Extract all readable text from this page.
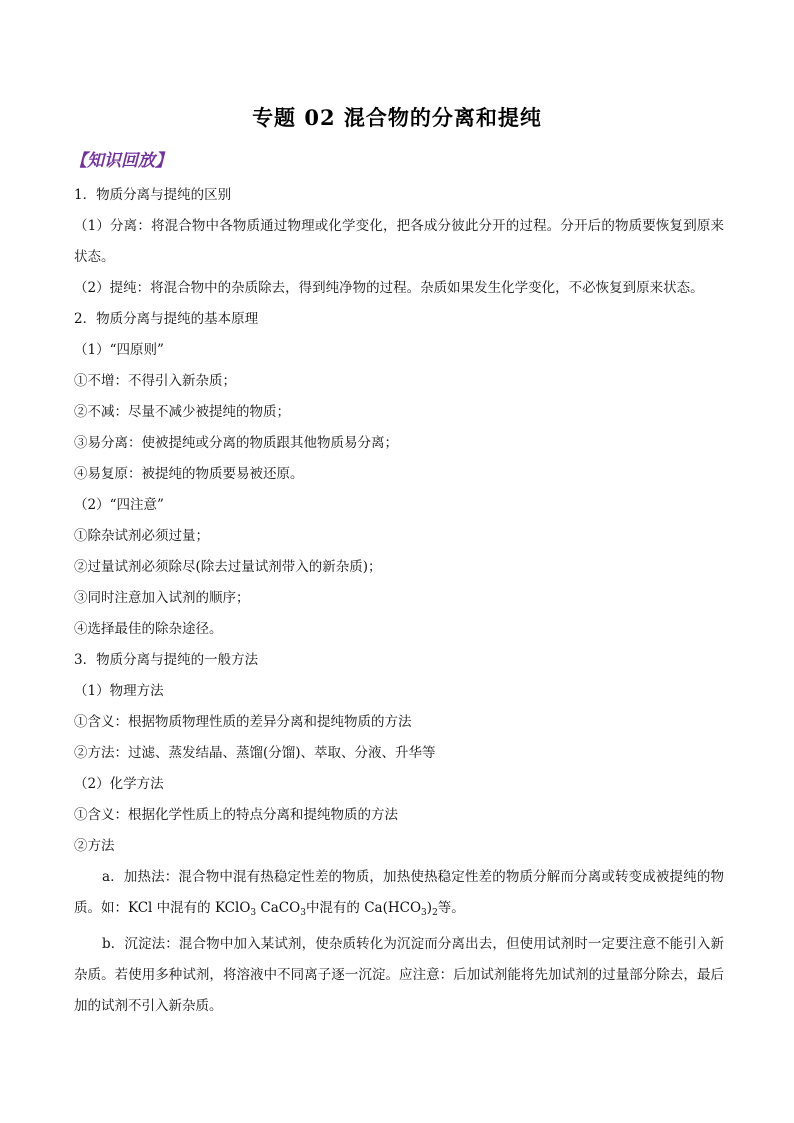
专题 02 混合物的分离和提纯
【知识回放】

1．物质分离与提纯的区别

（1）分离：将混合物中各物质通过物理或化学变化，把各成分彼此分开的过程。分开后的物质要恢复到原来状态。

（2）提纯：将混合物中的杂质除去，得到纯净物的过程。杂质如果发生化学变化，不必恢复到原来状态。

2．物质分离与提纯的基本原理

（1）“四原则”

①不增：不得引入新杂质；

②不减：尽量不减少被提纯的物质；

③易分离：使被提纯或分离的物质跟其他物质易分离；

④易复原：被提纯的物质要易被还原。

（2）“四注意”

①除杂试剂必须过量；

②过量试剂必须除尽(除去过量试剂带入的新杂质)；

③同时注意加入试剂的顺序；

④选择最佳的除杂途径。

3．物质分离与提纯的一般方法

（1）物理方法

①含义：根据物质物理性质的差异分离和提纯物质的方法

②方法：过滤、蒸发结晶、蒸馏(分馏)、萃取、分液、升华等

（2）化学方法

①含义：根据化学性质上的特点分离和提纯物质的方法

②方法

a．加热法：混合物中混有热稳定性差的物质，加热使热稳定性差的物质分解而分离或转变成被提纯的物质。如：KCl 中混有的 KClO$_3$ CaCO$_3$中混有的 $Ca(HCO_3)_2$等。

b．沉淀法：混合物中加入某试剂，使杂质转化为沉淀而分离出去，但使用试剂时一定要注意不能引入新杂质。若使用多种试剂，将溶液中不同离子逐一沉淀。应注意：后加试剂能将先加试剂的过量部分除去，最后加的试剂不引入新杂质。
